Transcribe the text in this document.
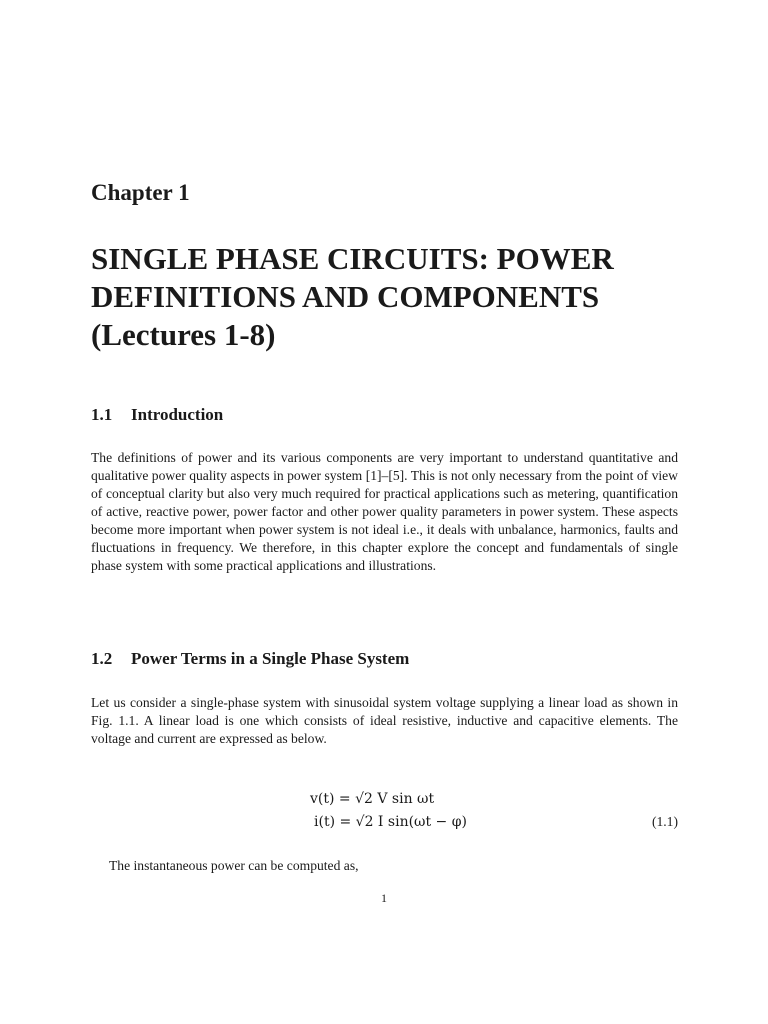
Chapter 1
SINGLE PHASE CIRCUITS: POWER DEFINITIONS AND COMPONENTS (Lectures 1-8)
1.1 Introduction

The definitions of power and its various components are very important to understand quantitative and qualitative power quality aspects in power system [1]–[5]. This is not only necessary from the point of view of conceptual clarity but also very much required for practical applications such as metering, quantification of active, reactive power, power factor and other power quality parameters in power system. These aspects become more important when power system is not ideal i.e., it deals with unbalance, harmonics, faults and fluctuations in frequency. We therefore, in this chapter explore the concept and fundamentals of single phase system with some practical applications and illustrations.

1.2 Power Terms in a Single Phase System

Let us consider a single-phase system with sinusoidal system voltage supplying a linear load as shown in Fig. 1.1. A linear load is one which consists of ideal resistive, inductive and capacitive elements. The voltage and current are expressed as below.

v(t) = √2 V sin ωt
i(t) = √2 I sin(ωt − φ)	(1.1)

The instantaneous power can be computed as,

1
